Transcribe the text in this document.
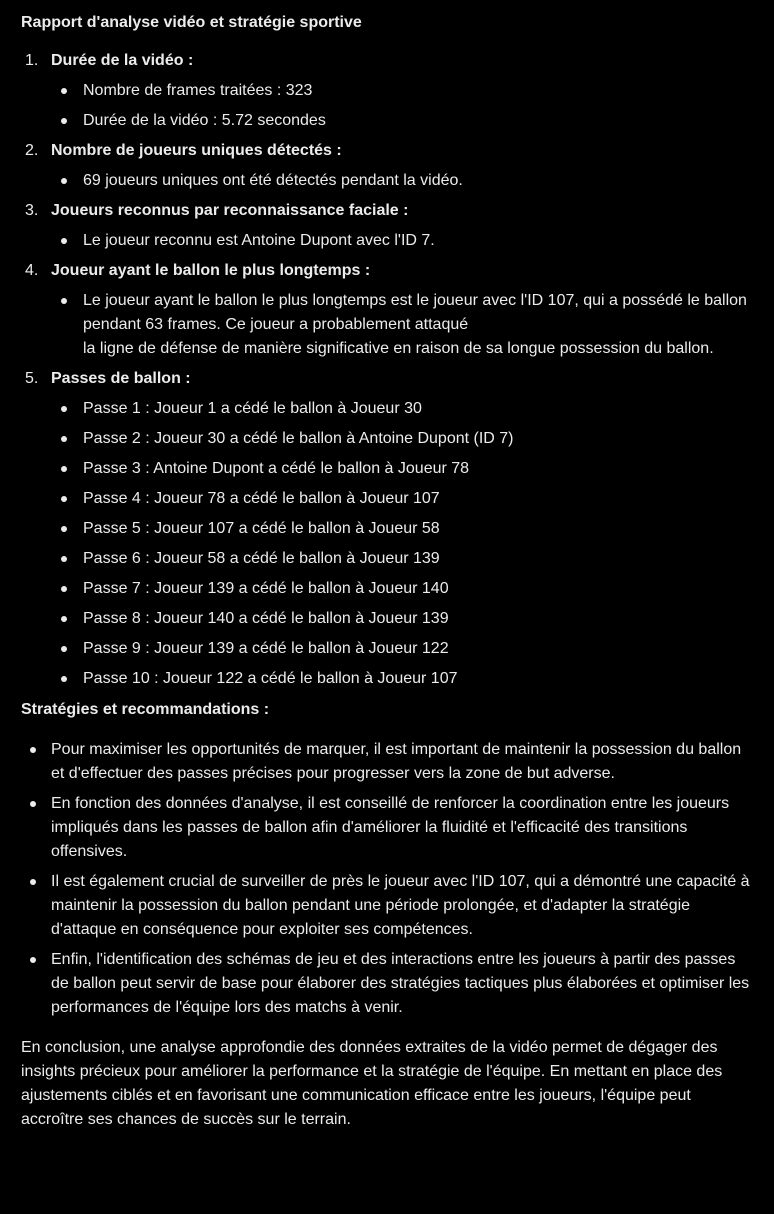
Rapport d'analyse vidéo et stratégie sportive
1. Durée de la vidéo :
Nombre de frames traitées : 323
Durée de la vidéo : 5.72 secondes
2. Nombre de joueurs uniques détectés :
69 joueurs uniques ont été détectés pendant la vidéo.
3. Joueurs reconnus par reconnaissance faciale :
Le joueur reconnu est Antoine Dupont avec l'ID 7.
4. Joueur ayant le ballon le plus longtemps :
Le joueur ayant le ballon le plus longtemps est le joueur avec l'ID 107, qui a possédé le ballon pendant 63 frames. Ce joueur a probablement attaqué
la ligne de défense de manière significative en raison de sa longue possession du ballon.
5. Passes de ballon :
Passe 1 : Joueur 1 a cédé le ballon à Joueur 30
Passe 2 : Joueur 30 a cédé le ballon à Antoine Dupont (ID 7)
Passe 3 : Antoine Dupont a cédé le ballon à Joueur 78
Passe 4 : Joueur 78 a cédé le ballon à Joueur 107
Passe 5 : Joueur 107 a cédé le ballon à Joueur 58
Passe 6 : Joueur 58 a cédé le ballon à Joueur 139
Passe 7 : Joueur 139 a cédé le ballon à Joueur 140
Passe 8 : Joueur 140 a cédé le ballon à Joueur 139
Passe 9 : Joueur 139 a cédé le ballon à Joueur 122
Passe 10 : Joueur 122 a cédé le ballon à Joueur 107
Stratégies et recommandations :
Pour maximiser les opportunités de marquer, il est important de maintenir la possession du ballon et d'effectuer des passes précises pour progresser vers la zone de but adverse.
En fonction des données d'analyse, il est conseillé de renforcer la coordination entre les joueurs impliqués dans les passes de ballon afin d'améliorer la fluidité et l'efficacité des transitions offensives.
Il est également crucial de surveiller de près le joueur avec l'ID 107, qui a démontré une capacité à maintenir la possession du ballon pendant une période prolongée, et d'adapter la stratégie d'attaque en conséquence pour exploiter ses compétences.
Enfin, l'identification des schémas de jeu et des interactions entre les joueurs à partir des passes de ballon peut servir de base pour élaborer des stratégies tactiques plus élaborées et optimiser les performances de l'équipe lors des matchs à venir.

En conclusion, une analyse approfondie des données extraites de la vidéo permet de dégager des insights précieux pour améliorer la performance et la stratégie de l'équipe. En mettant en place des ajustements ciblés et en favorisant une communication efficace entre les joueurs, l'équipe peut accroître ses chances de succès sur le terrain.
